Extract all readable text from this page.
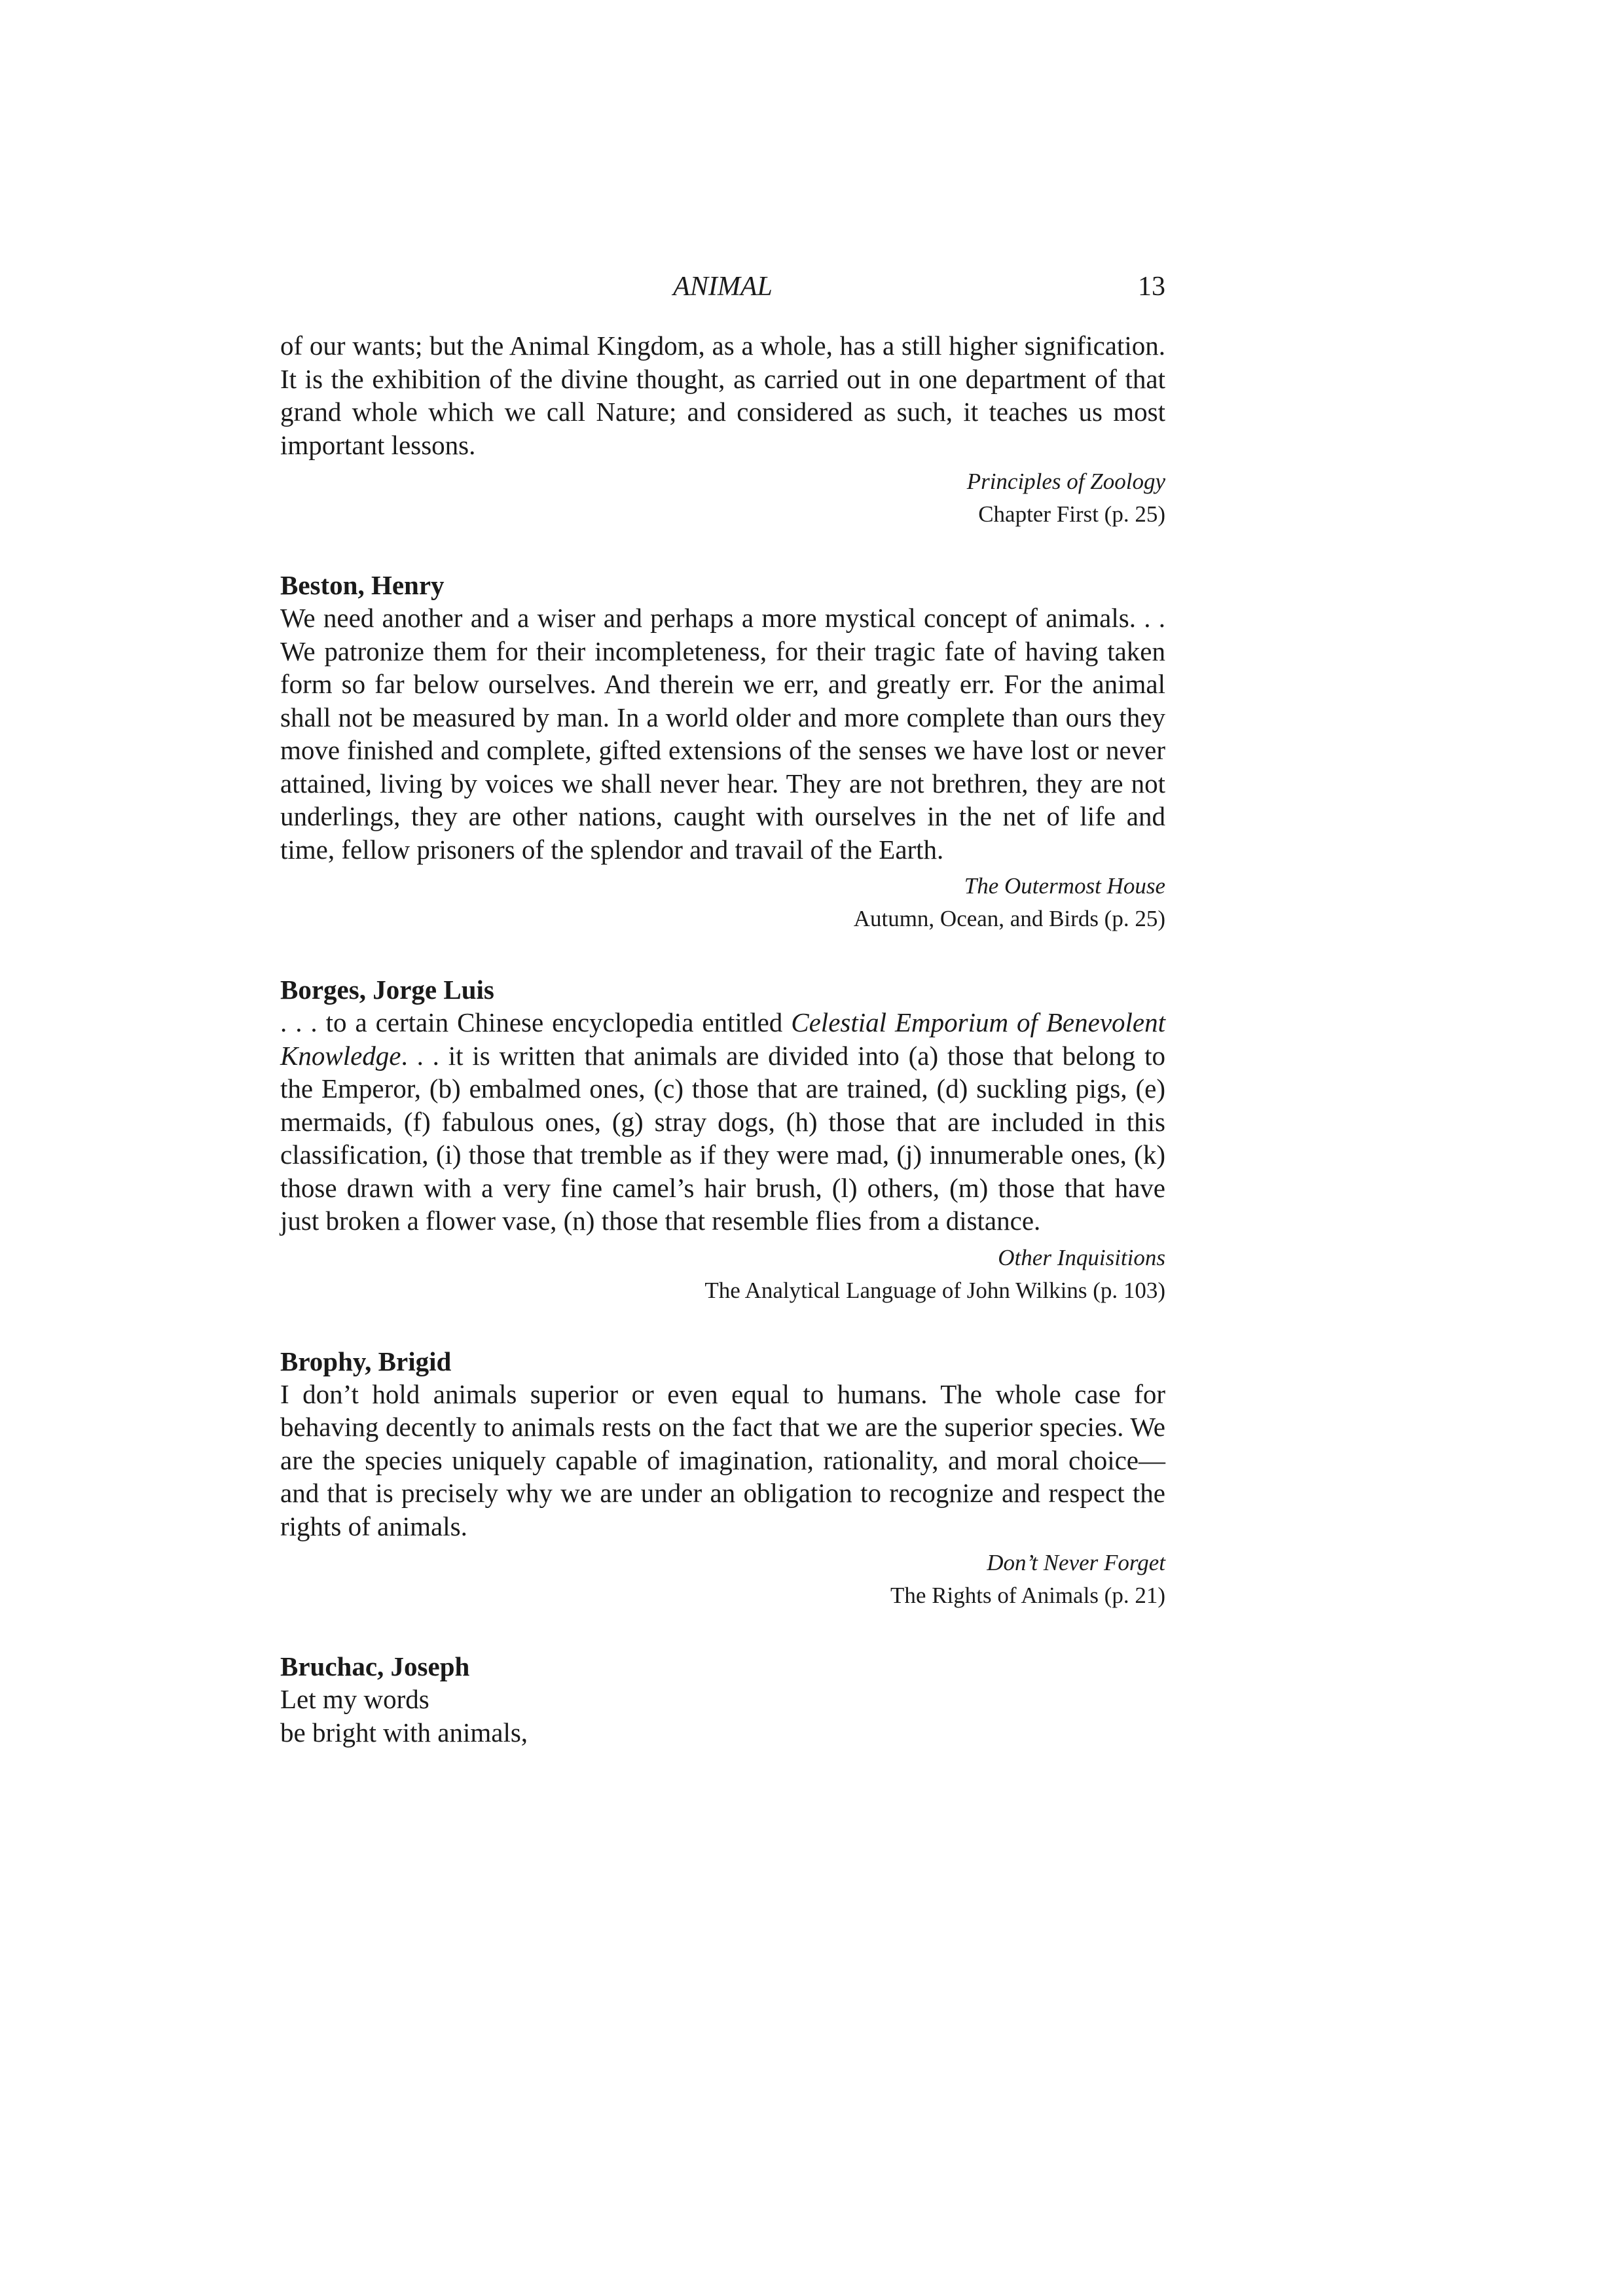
ANIMAL	13

of our wants; but the Animal Kingdom, as a whole, has a still higher signification. It is the exhibition of the divine thought, as carried out in one department of that grand whole which we call Nature; and considered as such, it teaches us most important lessons.

Principles of Zoology
Chapter First (p. 25)

Beston, Henry

We need another and a wiser and perhaps a more mystical concept of animals. . . We patronize them for their incompleteness, for their tragic fate of having taken form so far below ourselves. And therein we err, and greatly err. For the animal shall not be measured by man. In a world older and more complete than ours they move finished and complete, gifted extensions of the senses we have lost or never attained, living by voices we shall never hear. They are not brethren, they are not underlings, they are other nations, caught with ourselves in the net of life and time, fellow prisoners of the splendor and travail of the Earth.

The Outermost House
Autumn, Ocean, and Birds (p. 25)

Borges, Jorge Luis

. . . to a certain Chinese encyclopedia entitled Celestial Emporium of Benevolent Knowledge. . . it is written that animals are divided into (a) those that belong to the Emperor, (b) embalmed ones, (c) those that are trained, (d) suckling pigs, (e) mermaids, (f) fabulous ones, (g) stray dogs, (h) those that are included in this classification, (i) those that tremble as if they were mad, (j) innumerable ones, (k) those drawn with a very fine camel’s hair brush, (l) others, (m) those that have just broken a flower vase, (n) those that resemble flies from a distance.

Other Inquisitions
The Analytical Language of John Wilkins (p. 103)

Brophy, Brigid

I don’t hold animals superior or even equal to humans. The whole case for behaving decently to animals rests on the fact that we are the superior species. We are the species uniquely capable of imagination, rationality, and moral choice—and that is precisely why we are under an obligation to recognize and respect the rights of animals.

Don’t Never Forget
The Rights of Animals (p. 21)

Bruchac, Joseph

Let my words
be bright with animals,
